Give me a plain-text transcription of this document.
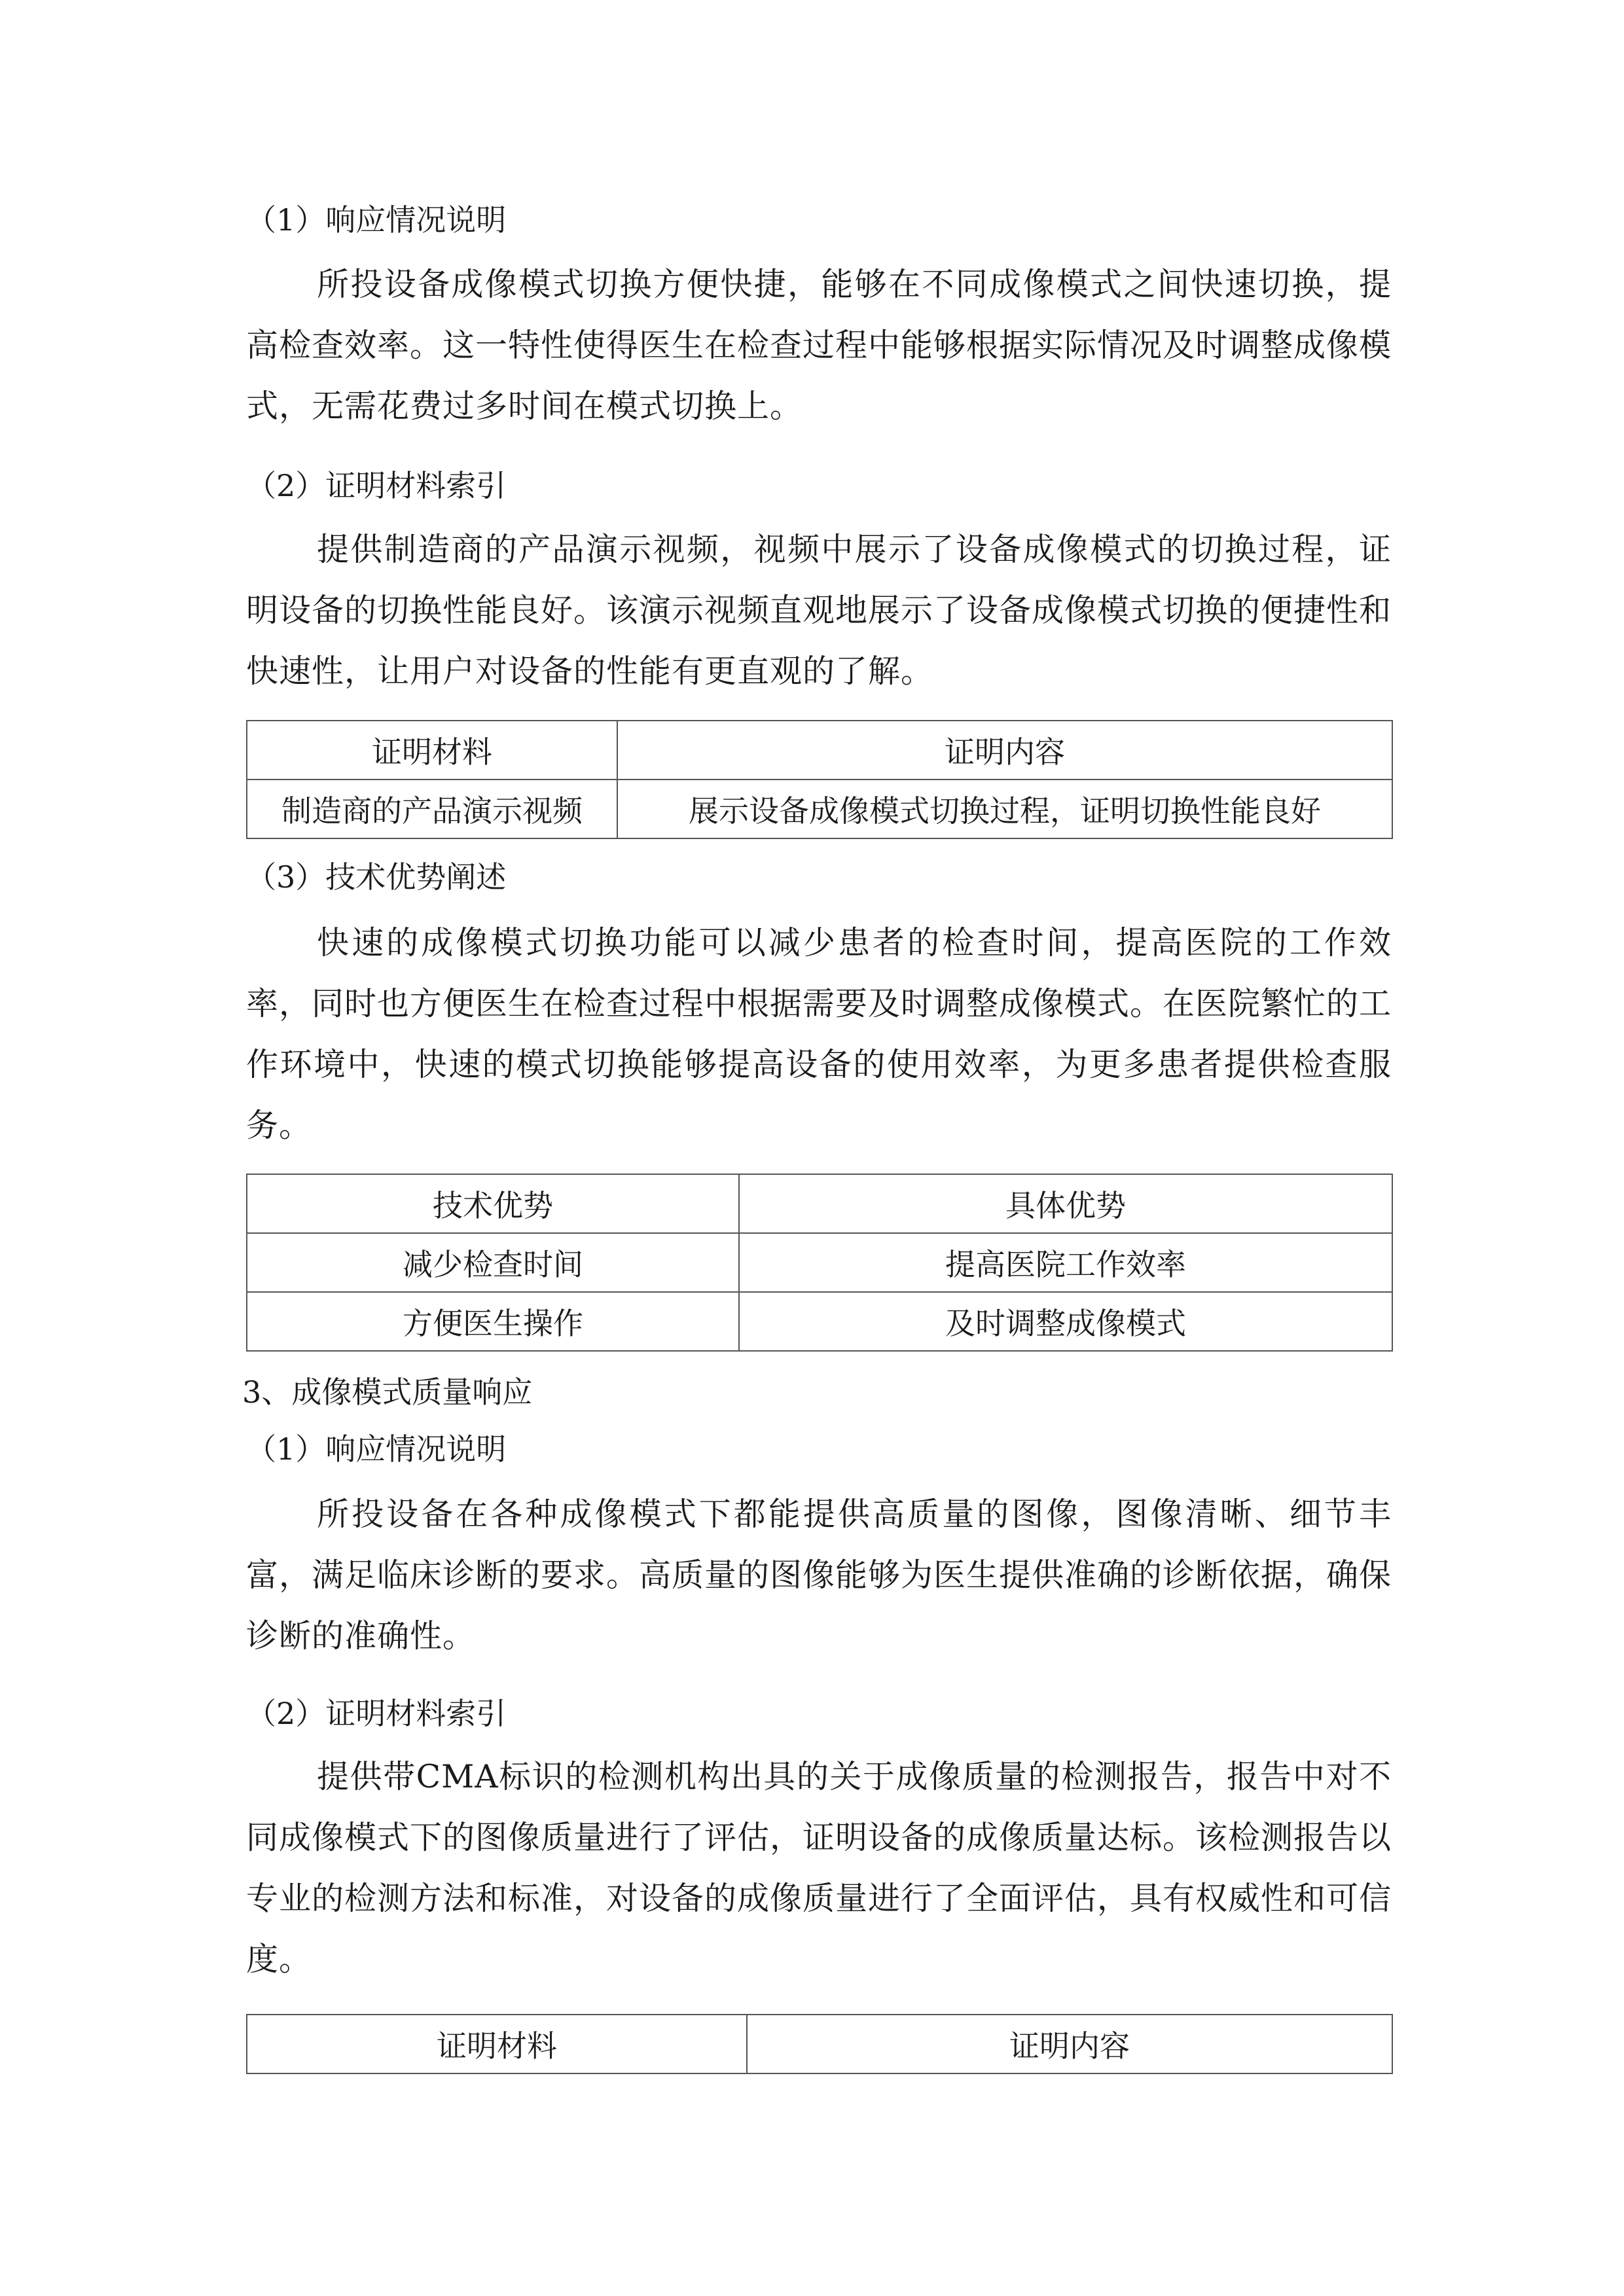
（1）响应情况说明

所投设备成像模式切换方便快捷，能够在不同成像模式之间快速切换，提高检查效率。这一特性使得医生在检查过程中能够根据实际情况及时调整成像模式，无需花费过多时间在模式切换上。

（2）证明材料索引

提供制造商的产品演示视频，视频中展示了设备成像模式的切换过程，证明设备的切换性能良好。该演示视频直观地展示了设备成像模式切换的便捷性和快速性，让用户对设备的性能有更直观的了解。

证明材料	证明内容
制造商的产品演示视频	展示设备成像模式切换过程，证明切换性能良好

（3）技术优势阐述

快速的成像模式切换功能可以减少患者的检查时间，提高医院的工作效率，同时也方便医生在检查过程中根据需要及时调整成像模式。在医院繁忙的工作环境中，快速的模式切换能够提高设备的使用效率，为更多患者提供检查服务。

技术优势	具体优势
减少检查时间	提高医院工作效率
方便医生操作	及时调整成像模式

3、成像模式质量响应

（1）响应情况说明

所投设备在各种成像模式下都能提供高质量的图像，图像清晰、细节丰富，满足临床诊断的要求。高质量的图像能够为医生提供准确的诊断依据，确保诊断的准确性。

（2）证明材料索引

提供带CMA标识的检测机构出具的关于成像质量的检测报告，报告中对不同成像模式下的图像质量进行了评估，证明设备的成像质量达标。该检测报告以专业的检测方法和标准，对设备的成像质量进行了全面评估，具有权威性和可信度。

证明材料	证明内容
